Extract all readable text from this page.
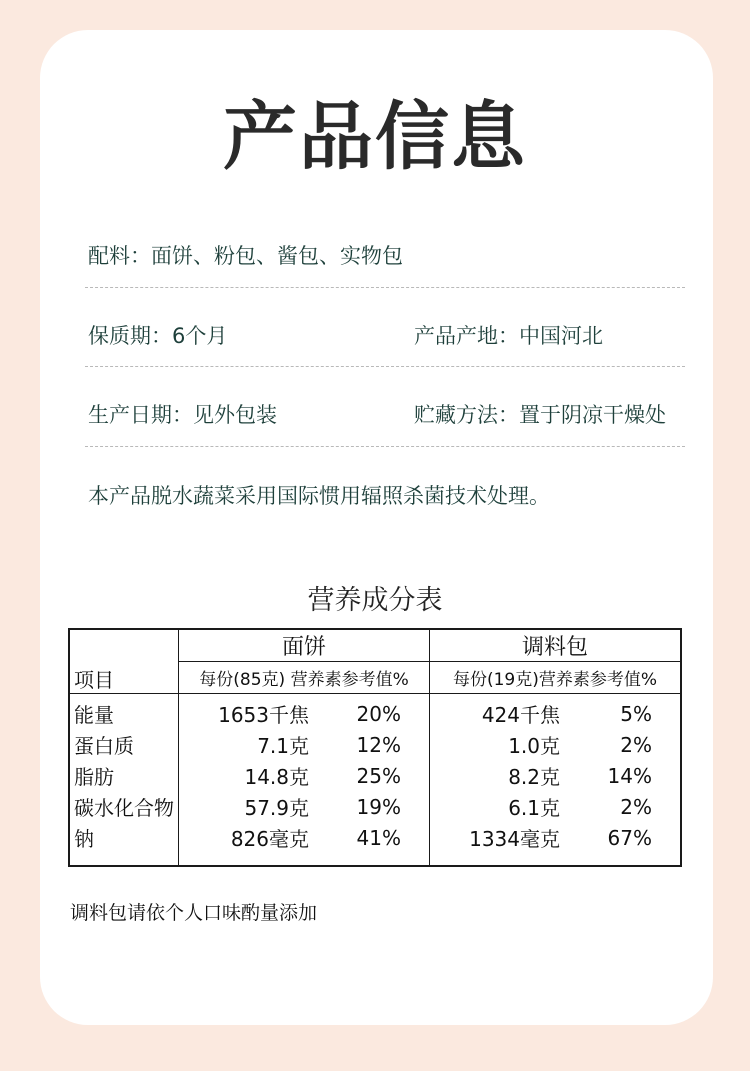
产品信息
配料：面饼、粉包、酱包、实物包
保质期：6个月	产品产地：中国河北
生产日期：见外包装	贮藏方法：置于阴凉干燥处
本产品脱水蔬菜采用国际惯用辐照杀菌技术处理。
营养成分表
项目	面饼	调料包
	每份(85克) 营养素参考值%	每份(19克)营养素参考值%
能量	1653千焦 20%	424千焦 5%

蛋白质	7.1克 12%	1.0克 2%

脂肪	14.8克 25%	8.2克 14%

碳水化合物	57.9克 19%	6.1克 2%

钠	826毫克 41%	1334毫克 67%
调料包请依个人口味酌量添加
